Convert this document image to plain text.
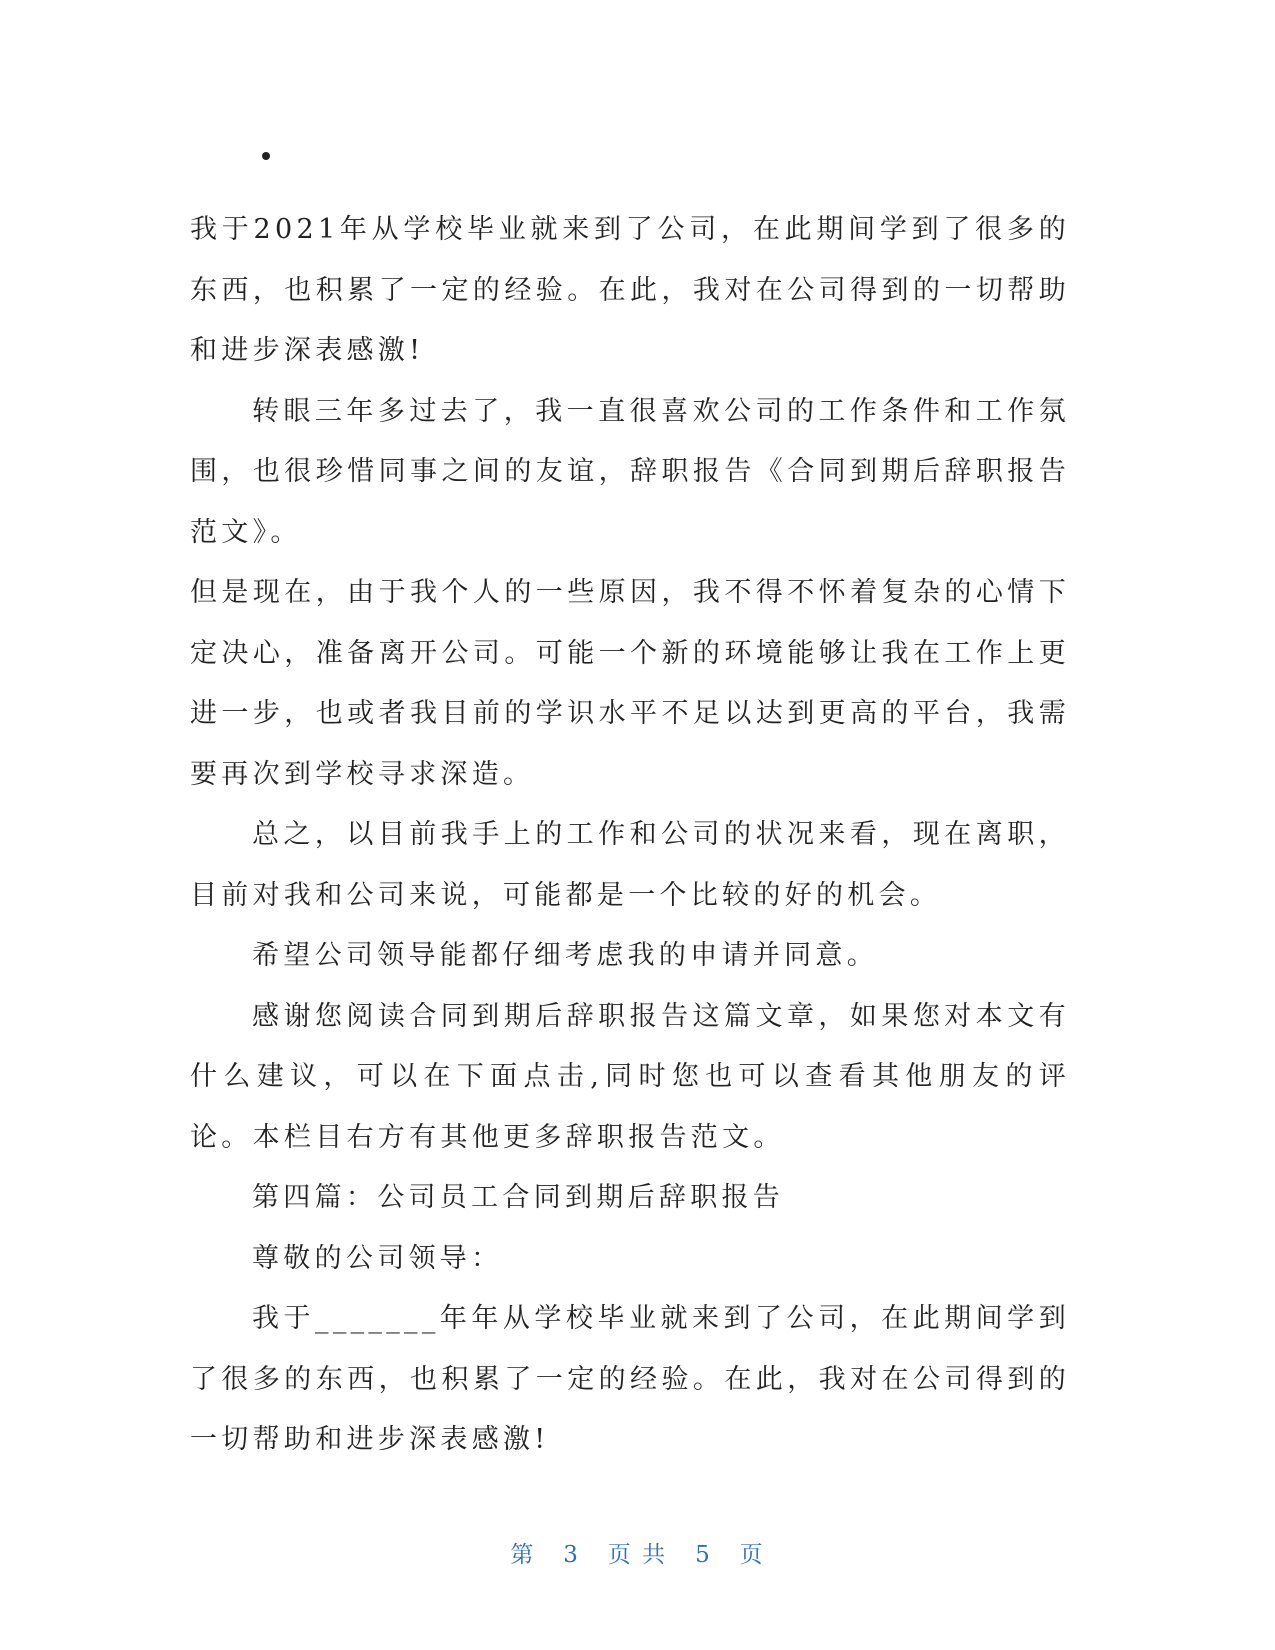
我于2021年从学校毕业就来到了公司，在此期间学到了很多的东西，也积累了一定的经验。在此，我对在公司得到的一切帮助和进步深表感激!

转眼三年多过去了，我一直很喜欢公司的工作条件和工作氛围，也很珍惜同事之间的友谊，辞职报告《合同到期后辞职报告范文》。

但是现在，由于我个人的一些原因，我不得不怀着复杂的心情下定决心，准备离开公司。可能一个新的环境能够让我在工作上更进一步，也或者我目前的学识水平不足以达到更高的平台，我需要再次到学校寻求深造。

总之，以目前我手上的工作和公司的状况来看，现在离职，目前对我和公司来说，可能都是一个比较的好的机会。

希望公司领导能都仔细考虑我的申请并同意。

感谢您阅读合同到期后辞职报告这篇文章，如果您对本文有什么建议，可以在下面点击,同时您也可以查看其他朋友的评论。本栏目右方有其他更多辞职报告范文。

第四篇：公司员工合同到期后辞职报告

尊敬的公司领导：

我于_______年年从学校毕业就来到了公司，在此期间学到了很多的东西，也积累了一定的经验。在此，我对在公司得到的一切帮助和进步深表感激!

第 3 页 共 5 页
